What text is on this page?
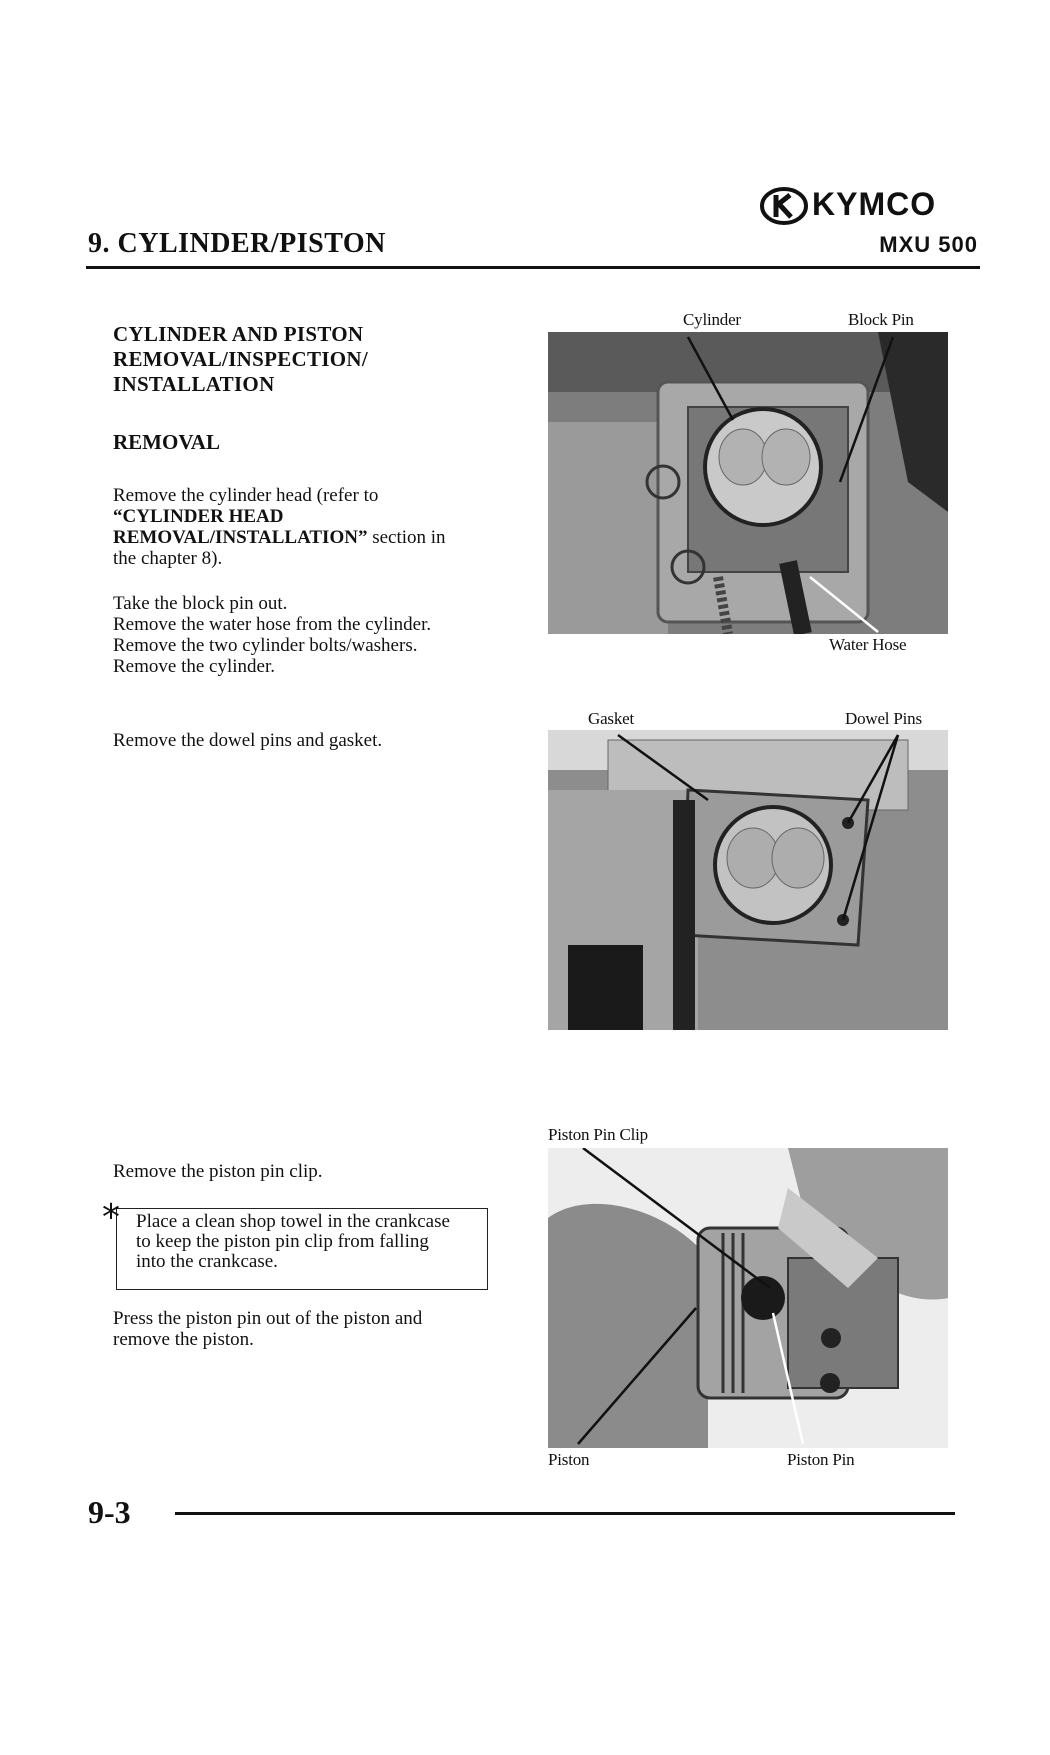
KYMCO
9. CYLINDER/PISTON	MXU 500
CYLINDER AND PISTON
REMOVAL/INSPECTION/
INSTALLATION
REMOVAL
Remove the cylinder head (refer to
“CYLINDER HEAD
REMOVAL/INSTALLATION” section in
the chapter 8).
Take the block pin out.
Remove the water hose from the cylinder.
Remove the two cylinder bolts/washers.
Remove the cylinder.
Remove the dowel pins and gasket.
Remove the piston pin clip.
* Place a clean shop towel in the crankcase
to keep the piston pin clip from falling
into the crankcase.
Press the piston pin out of the piston and
remove the piston.
Cylinder	Block Pin
Water Hose
Gasket	Dowel Pins
Piston Pin Clip
Piston	Piston Pin
9-3
